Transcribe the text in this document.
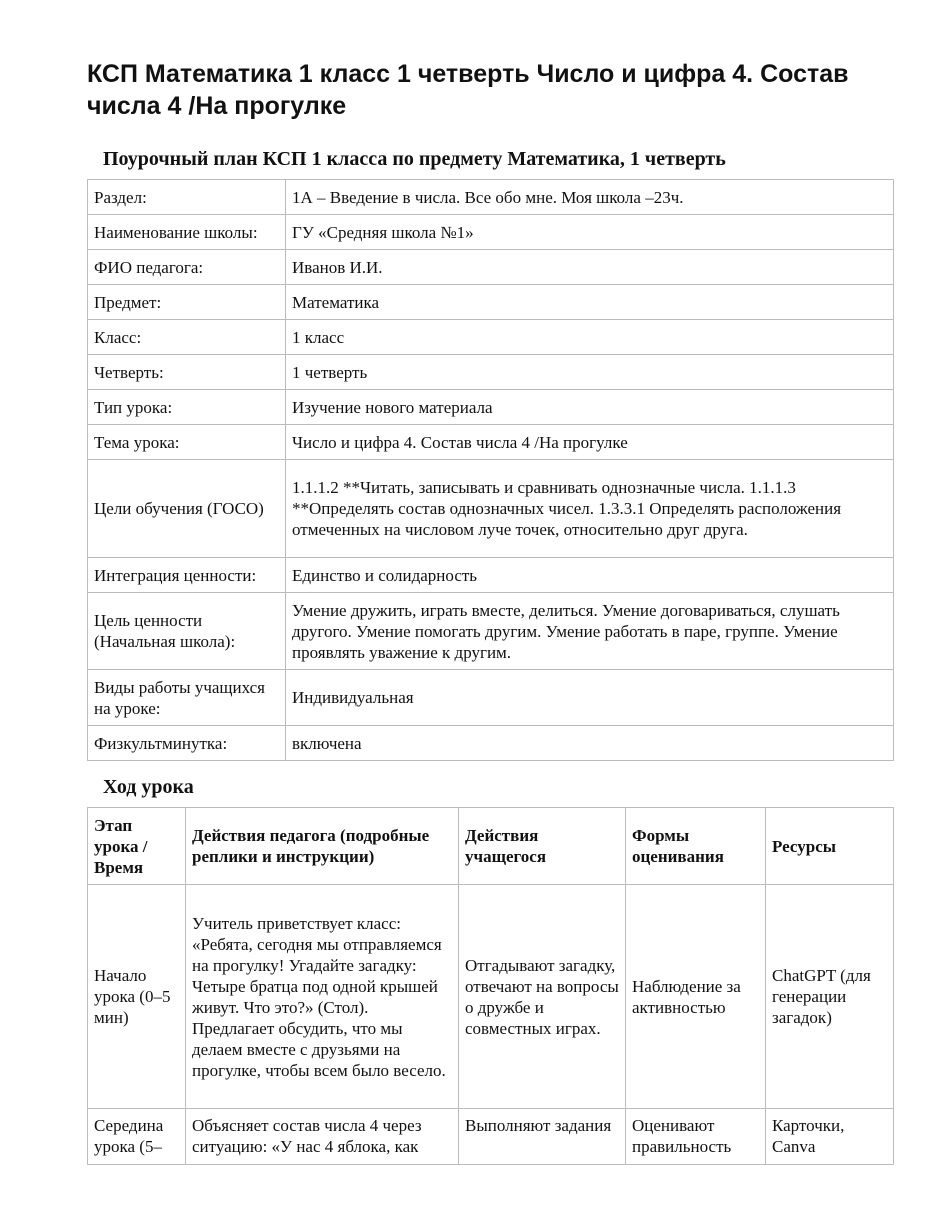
КСП Математика 1 класс 1 четверть Число и цифра 4. Состав числа 4 /На прогулке
Поурочный план КСП 1 класса по предмету Математика, 1 четверть
Раздел:	1А – Введение в числа. Все обо мне. Моя школа –23ч.
Наименование школы:	ГУ «Средняя школа №1»
ФИО педагога:	Иванов И.И.
Предмет:	Математика
Класс:	1 класс
Четверть:	1 четверть
Тип урока:	Изучение нового материала
Тема урока:	Число и цифра 4. Состав числа 4 /На прогулке
Цели обучения (ГОСО)	1.1.1.2 **Читать, записывать и сравнивать однозначные числа. 1.1.1.3 **Определять состав однозначных чисел. 1.3.3.1 Определять расположения отмеченных на числовом луче точек, относительно друг друга.
Интеграция ценности:	Единство и солидарность
Цель ценности (Начальная школа):	Умение дружить, играть вместе, делиться. Умение договариваться, слушать другого. Умение помогать другим. Умение работать в паре, группе. Умение проявлять уважение к другим.
Виды работы учащихся на уроке:	Индивидуальная
Физкультминутка:	включена
Ход урока
Этап урока / Время	Действия педагога (подробные реплики и инструкции)	Действия учащегося	Формы оценивания	Ресурсы
Начало урока (0–5 мин)	Учитель приветствует класс: «Ребята, сегодня мы отправляемся на прогулку! Угадайте загадку: Четыре братца под одной крышей живут. Что это?» (Стол). Предлагает обсудить, что мы делаем вместе с друзьями на прогулке, чтобы всем было весело.	Отгадывают загадку, отвечают на вопросы о дружбе и совместных играх.	Наблюдение за активностью	ChatGPT (для генерации загадок)
Середина урока (5–	Объясняет состав числа 4 через ситуацию: «У нас 4 яблока, как	Выполняют задания	Оценивают правильность	Карточки, Canva
